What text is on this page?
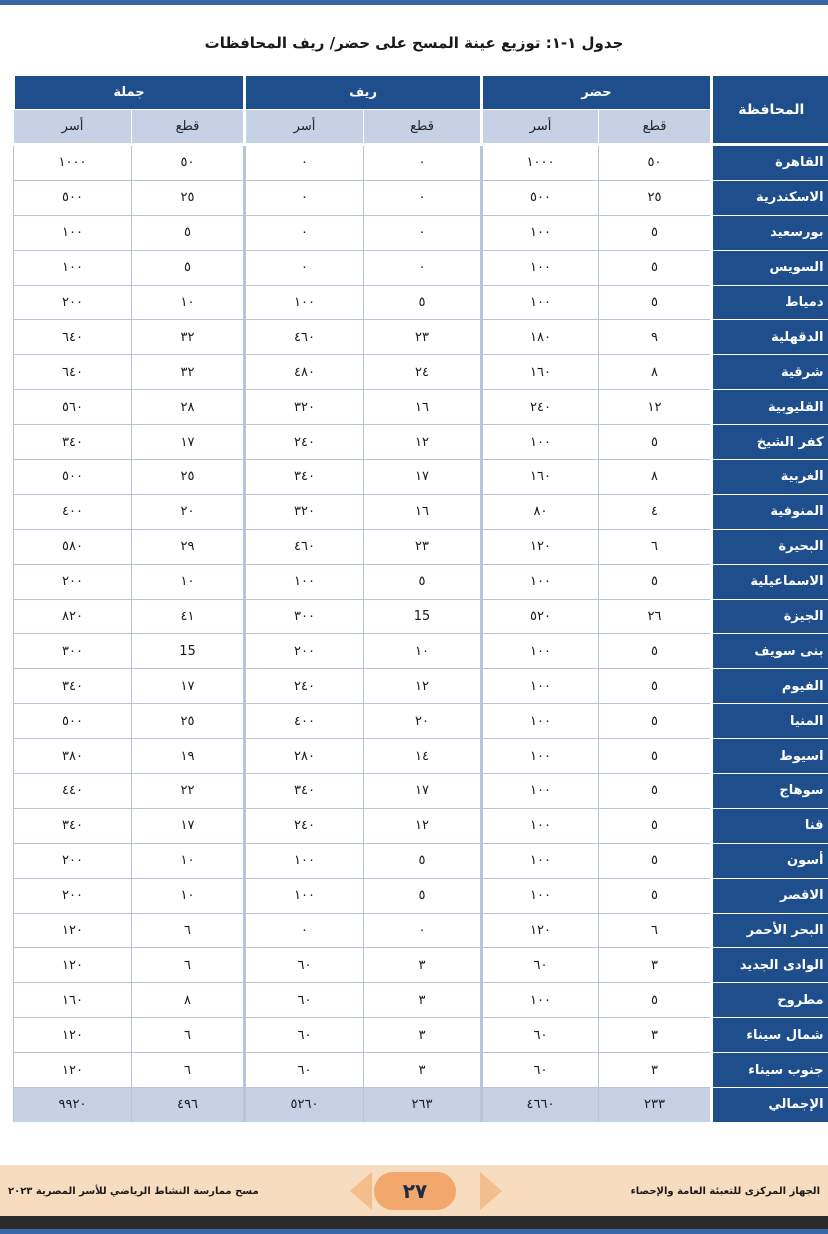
جدول ١-١: توزيع عينة المسح على حضر/ ريف المحافظات
المحافظة	حضر		ريف		جملة	
	قطع	أسر	قطع	أسر	قطع	أسر
القاهرة	٥٠	١٠٠٠	٠	٠	٥٠	١٠٠٠
الاسكندرية	٢٥	٥٠٠	٠	٠	٢٥	٥٠٠
بورسعيد	٥	١٠٠	٠	٠	٥	١٠٠
السويس	٥	١٠٠	٠	٠	٥	١٠٠
دمياط	٥	١٠٠	٥	١٠٠	١٠	٢٠٠
الدقهلية	٩	١٨٠	٢٣	٤٦٠	٣٢	٦٤٠
شرقية	٨	١٦٠	٢٤	٤٨٠	٣٢	٦٤٠
القليوبية	١٢	٢٤٠	١٦	٣٢٠	٢٨	٥٦٠
كفر الشيخ	٥	١٠٠	١٢	٢٤٠	١٧	٣٤٠
الغربية	٨	١٦٠	١٧	٣٤٠	٢٥	٥٠٠
المنوفية	٤	٨٠	١٦	٣٢٠	٢٠	٤٠٠
البحيرة	٦	١٢٠	٢٣	٤٦٠	٢٩	٥٨٠
الاسماعيلية	٥	١٠٠	٥	١٠٠	١٠	٢٠٠
الجيزة	٢٦	٥٢٠	15	٣٠٠	٤١	٨٢٠
بنى سويف	٥	١٠٠	١٠	٢٠٠	15	٣٠٠
الفيوم	٥	١٠٠	١٢	٢٤٠	١٧	٣٤٠
المنيا	٥	١٠٠	٢٠	٤٠٠	٢٥	٥٠٠
اسيوط	٥	١٠٠	١٤	٢٨٠	١٩	٣٨٠
سوهاج	٥	١٠٠	١٧	٣٤٠	٢٢	٤٤٠
قنا	٥	١٠٠	١٢	٢٤٠	١٧	٣٤٠
أسون	٥	١٠٠	٥	١٠٠	١٠	٢٠٠
الاقصر	٥	١٠٠	٥	١٠٠	١٠	٢٠٠
البحر الأحمر	٦	١٢٠	٠	٠	٦	١٢٠
الوادى الجديد	٣	٦٠	٣	٦٠	٦	١٢٠
مطروح	٥	١٠٠	٣	٦٠	٨	١٦٠
شمال سيناء	٣	٦٠	٣	٦٠	٦	١٢٠
جنوب سيناء	٣	٦٠	٣	٦٠	٦	١٢٠
الإجمالي	٢٣٣	٤٦٦٠	٢٦٣	٥٢٦٠	٤٩٦	٩٩٢٠
الجهاز المركزى للتعبئة العامة والإحصاء
٢٧
مسح ممارسة النشاط الرياضي للأسر المصرية ٢٠٢٣
